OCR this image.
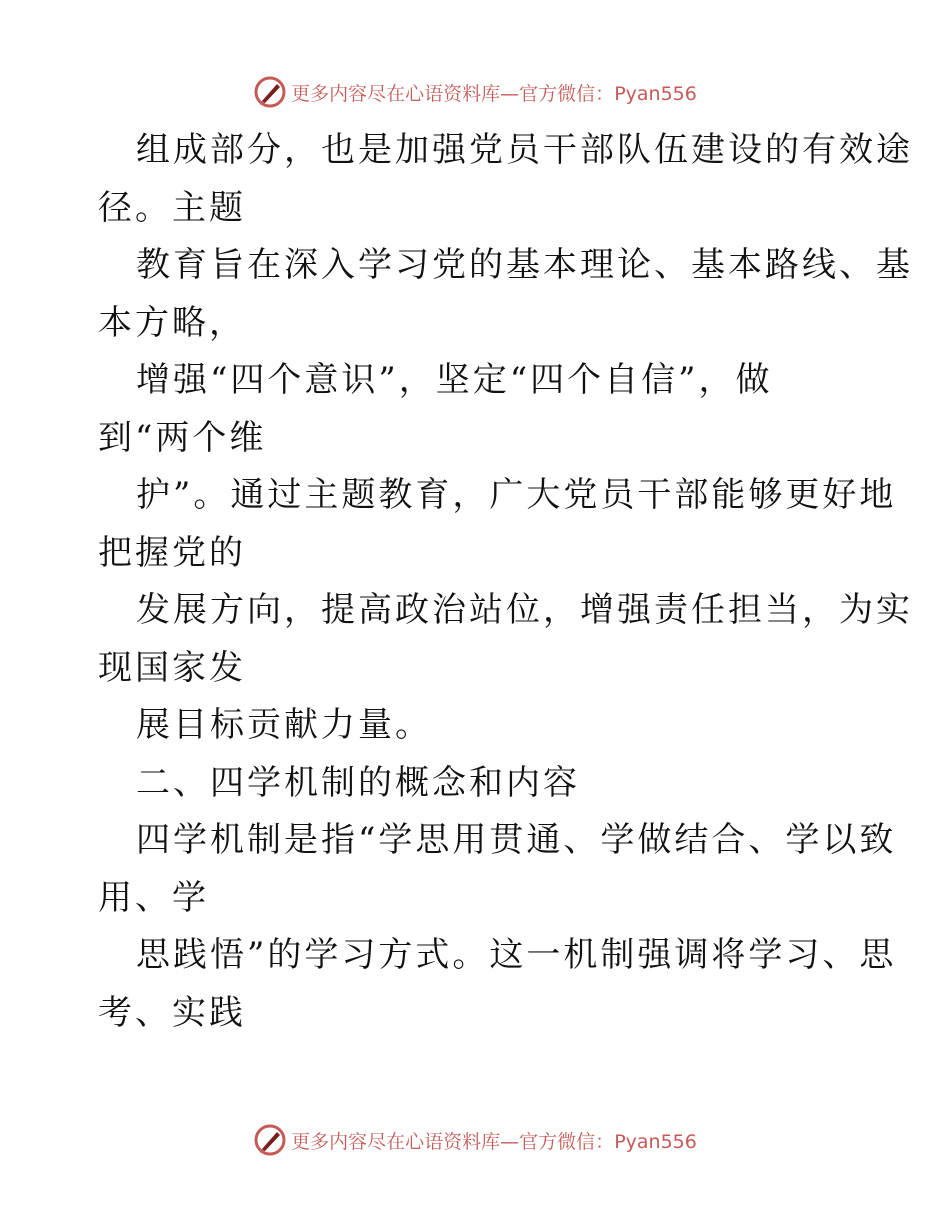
更多内容尽在心语资料库—官方微信：Pyan556
组成部分，也是加强党员干部队伍建设的有效途
径。主题
教育旨在深入学习党的基本理论、基本路线、基
本方略，
增强“四个意识”，坚定“四个自信”，做
到“两个维
护”。通过主题教育，广大党员干部能够更好地
把握党的
发展方向，提高政治站位，增强责任担当，为实
现国家发
展目标贡献力量。
二、四学机制的概念和内容
四学机制是指“学思用贯通、学做结合、学以致
用、学
思践悟”的学习方式。这一机制强调将学习、思
考、实践
更多内容尽在心语资料库—官方微信：Pyan556
